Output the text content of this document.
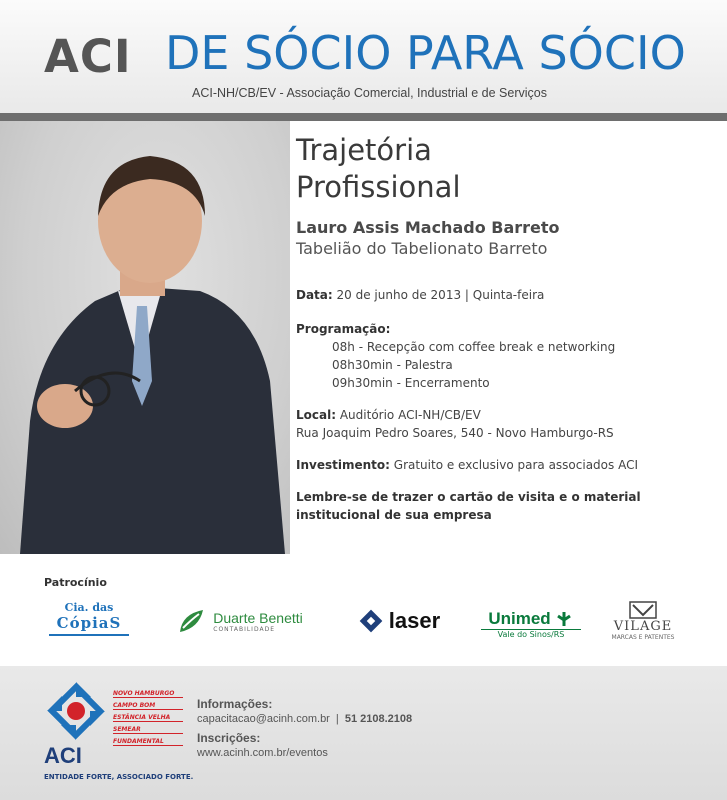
ACI DE SÓCIO PARA SÓCIO
ACI-NH/CB/EV - Associação Comercial, Industrial e de Serviços
Trajetória
Profissional
Lauro Assis Machado Barreto
Tabelião do Tabelionato Barreto
Data: 20 de junho de 2013 | Quinta-feira
Programação:
08h - Recepção com coffee break e networking
08h30min - Palestra
09h30min - Encerramento
Local: Auditório ACI-NH/CB/EV
Rua Joaquim Pedro Soares, 540 - Novo Hamburgo-RS
Investimento: Gratuito e exclusivo para associados ACI
Lembre-se de trazer o cartão de visita e o material institucional de sua empresa
Patrocínio
Cia. das
CópiaS	Duarte Benetti
CONTABILIDADE	laser	Unimed
Vale do Sinos/RS
VILAGE
MARCAS E PATENTES
ACI
NOVO HAMBURGO
CAMPO BOM
ESTÂNCIA VELHA
SEMEAR
FUNDAMENTAL
ENTIDADE FORTE, ASSOCIADO FORTE.
Informações:
capacitacao@acinh.com.br | 51 2108.2108
Inscrições:
www.acinh.com.br/eventos
